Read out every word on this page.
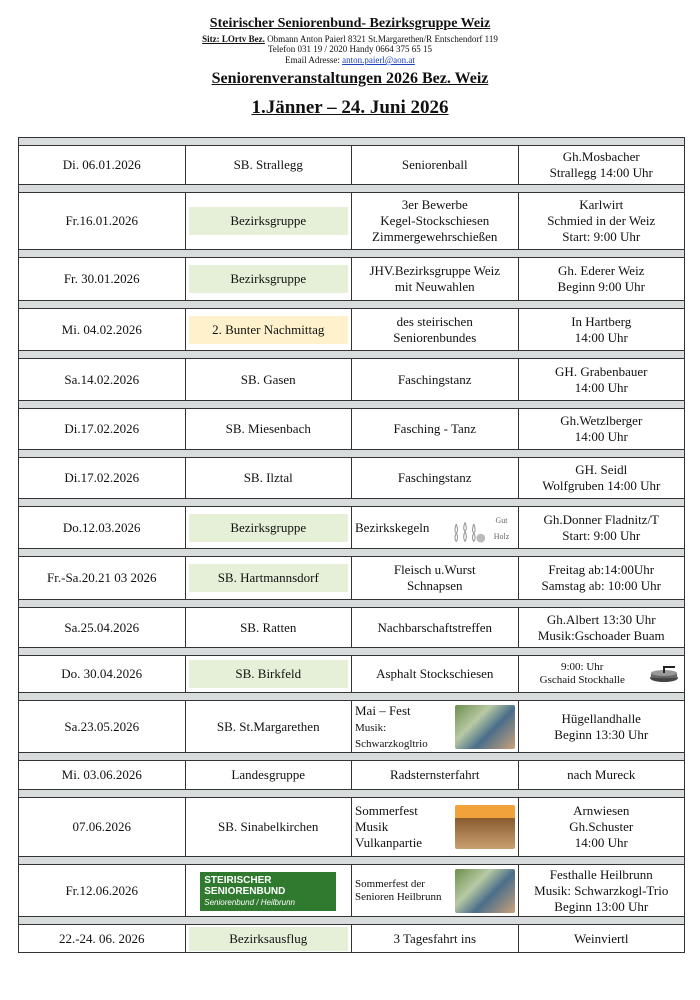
Steirischer Seniorenbund- Bezirksgruppe Weiz
Sitz: LOrtv Bez. Obmann Anton Paierl 8321 St.Margarethen/R Entschendorf 119
Telefon 031 19 / 2020 Handy 0664 375 65 15
Email Adresse: anton.paierl@aon.at
Seniorenveranstaltungen 2026 Bez. Weiz
1.Jänner – 24. Juni 2026

Di. 06.01.2026	SB. Strallegg	Seniorenball	Gh.Mosbacher
Strallegg 14:00 Uhr

Fr.16.01.2026	Bezirksgruppe	3er Bewerbe
Kegel-Stockschiesen
Zimmergewehrschießen	Karlwirt
Schmied in der Weiz
Start: 9:00 Uhr

Fr. 30.01.2026	Bezirksgruppe	JHV.Bezirksgruppe Weiz
mit Neuwahlen	Gh. Ederer Weiz
Beginn 9:00 Uhr

Mi. 04.02.2026	2. Bunter Nachmittag	des steirischen
Seniorenbundes	In Hartberg
14:00 Uhr

Sa.14.02.2026	SB. Gasen	Faschingstanz	GH. Grabenbauer
14:00 Uhr

Di.17.02.2026	SB. Miesenbach	Fasching - Tanz	Gh.Wetzlberger
14:00 Uhr

Di.17.02.2026	SB. Ilztal	Faschingstanz	GH. Seidl
Wolfgruben 14:00 Uhr

Do.12.03.2026	Bezirksgruppe	Bezirkskegeln Gut Holz	Gh.Donner Fladnitz/T
Start: 9:00 Uhr

Fr.-Sa.20.21 03 2026	SB. Hartmannsdorf	Fleisch u.Wurst
Schnapsen	Freitag ab:14:00Uhr
Samstag ab: 10:00 Uhr

Sa.25.04.2026	SB. Ratten	Nachbarschaftstreffen	Gh.Albert 13:30 Uhr
Musik:Gschoader Buam

Do. 30.04.2026	SB. Birkfeld	Asphalt Stockschiesen	9:00: Uhr
Gschaid Stockhalle

Sa.23.05.2026	SB. St.Margarethen	Mai – Fest
Musik:
Schwarzkogltrio	Hügellandhalle
Beginn 13:30 Uhr

Mi. 03.06.2026	Landesgruppe	Radsternsterfahrt	nach Mureck

07.06.2026	SB. Sinabelkirchen	Sommerfest
Musik
Vulkanpartie	Arnwiesen
Gh.Schuster
14:00 Uhr

Fr.12.06.2026	STEIRISCHER
SENIORENBUND
Seniorenbund / Heilbrunn	Sommerfest der
Senioren Heilbrunn	Festhalle Heilbrunn
Musik: Schwarzkogl-Trio
Beginn 13:00 Uhr

22.-24. 06. 2026	Bezirksausflug	3 Tagesfahrt ins	Weinviertl
